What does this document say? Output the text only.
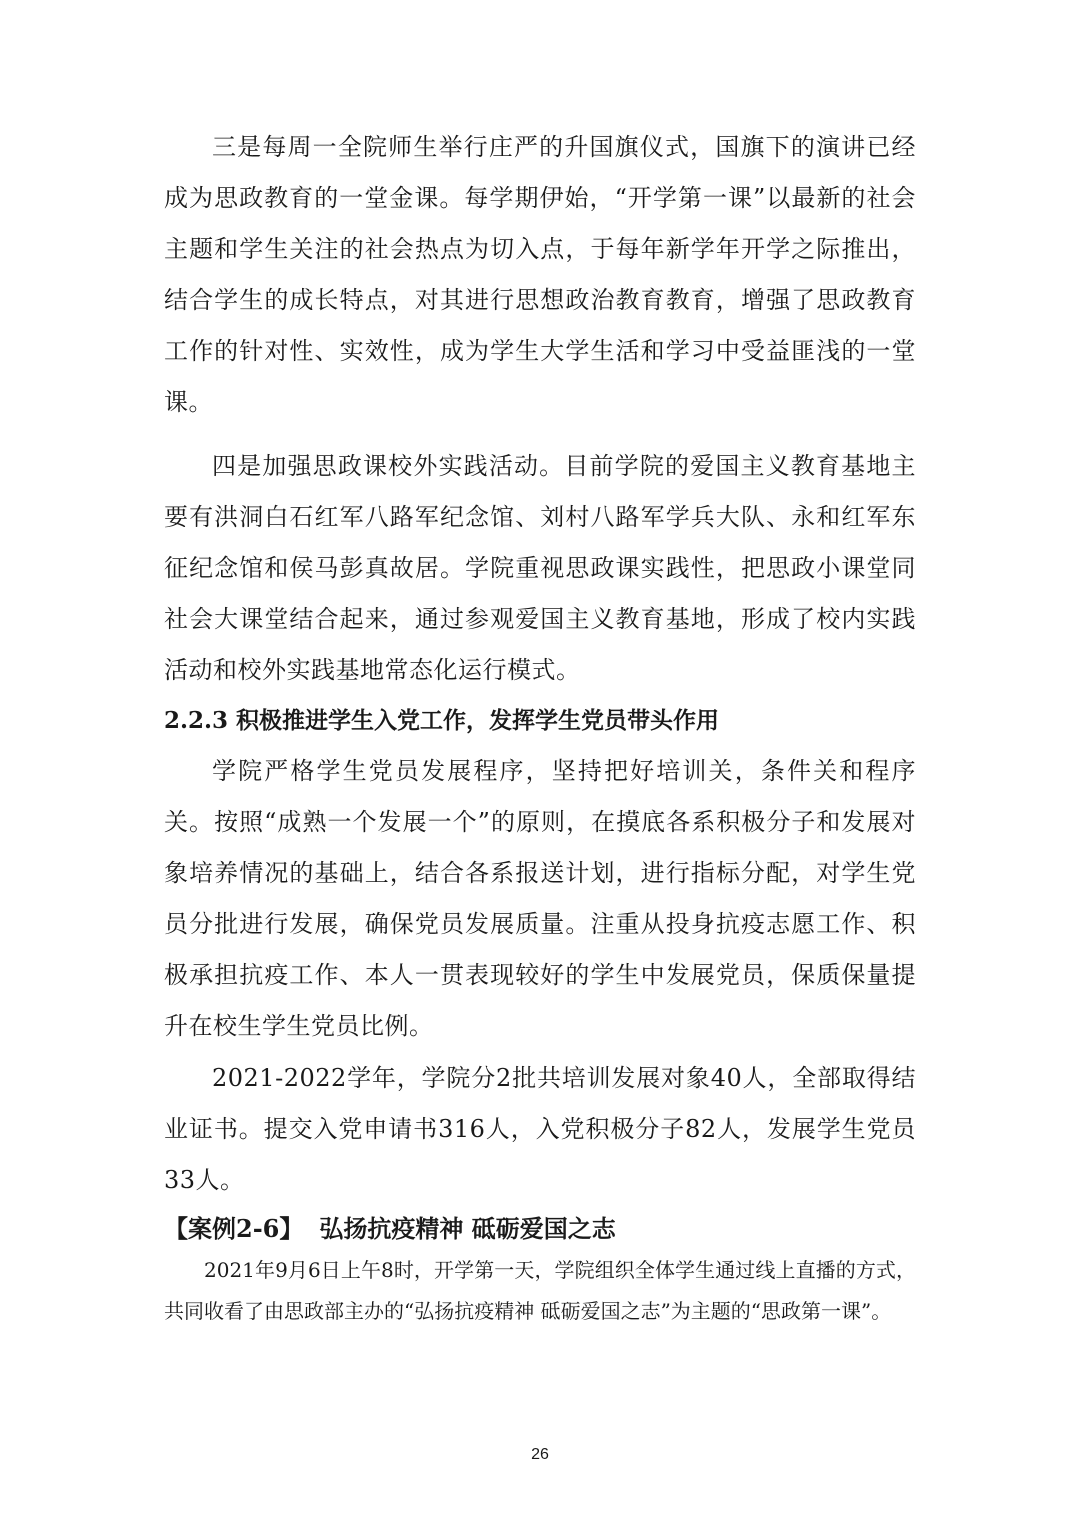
三是每周一全院师生举行庄严的升国旗仪式，国旗下的演讲已经成为思政教育的一堂金课。每学期伊始，“开学第一课”以最新的社会主题和学生关注的社会热点为切入点，于每年新学年开学之际推出，结合学生的成长特点，对其进行思想政治教育教育，增强了思政教育工作的针对性、实效性，成为学生大学生活和学习中受益匪浅的一堂课。

四是加强思政课校外实践活动。目前学院的爱国主义教育基地主要有洪洞白石红军八路军纪念馆、刘村八路军学兵大队、永和红军东征纪念馆和侯马彭真故居。学院重视思政课实践性，把思政小课堂同社会大课堂结合起来，通过参观爱国主义教育基地，形成了校内实践活动和校外实践基地常态化运行模式。

2.2.3 积极推进学生入党工作，发挥学生党员带头作用

学院严格学生党员发展程序，坚持把好培训关，条件关和程序关。按照“成熟一个发展一个”的原则，在摸底各系积极分子和发展对象培养情况的基础上，结合各系报送计划，进行指标分配，对学生党员分批进行发展，确保党员发展质量。注重从投身抗疫志愿工作、积极承担抗疫工作、本人一贯表现较好的学生中发展党员，保质保量提升在校生学生党员比例。

2021-2022学年，学院分2批共培训发展对象40人，全部取得结业证书。提交入党申请书316人，入党积极分子82人，发展学生党员33人。

【案例2-6】 弘扬抗疫精神 砥砺爱国之志

2021年9月6日上午8时，开学第一天，学院组织全体学生通过线上直播的方式，共同收看了由思政部主办的“弘扬抗疫精神 砥砺爱国之志”为主题的“思政第一课”。

26
